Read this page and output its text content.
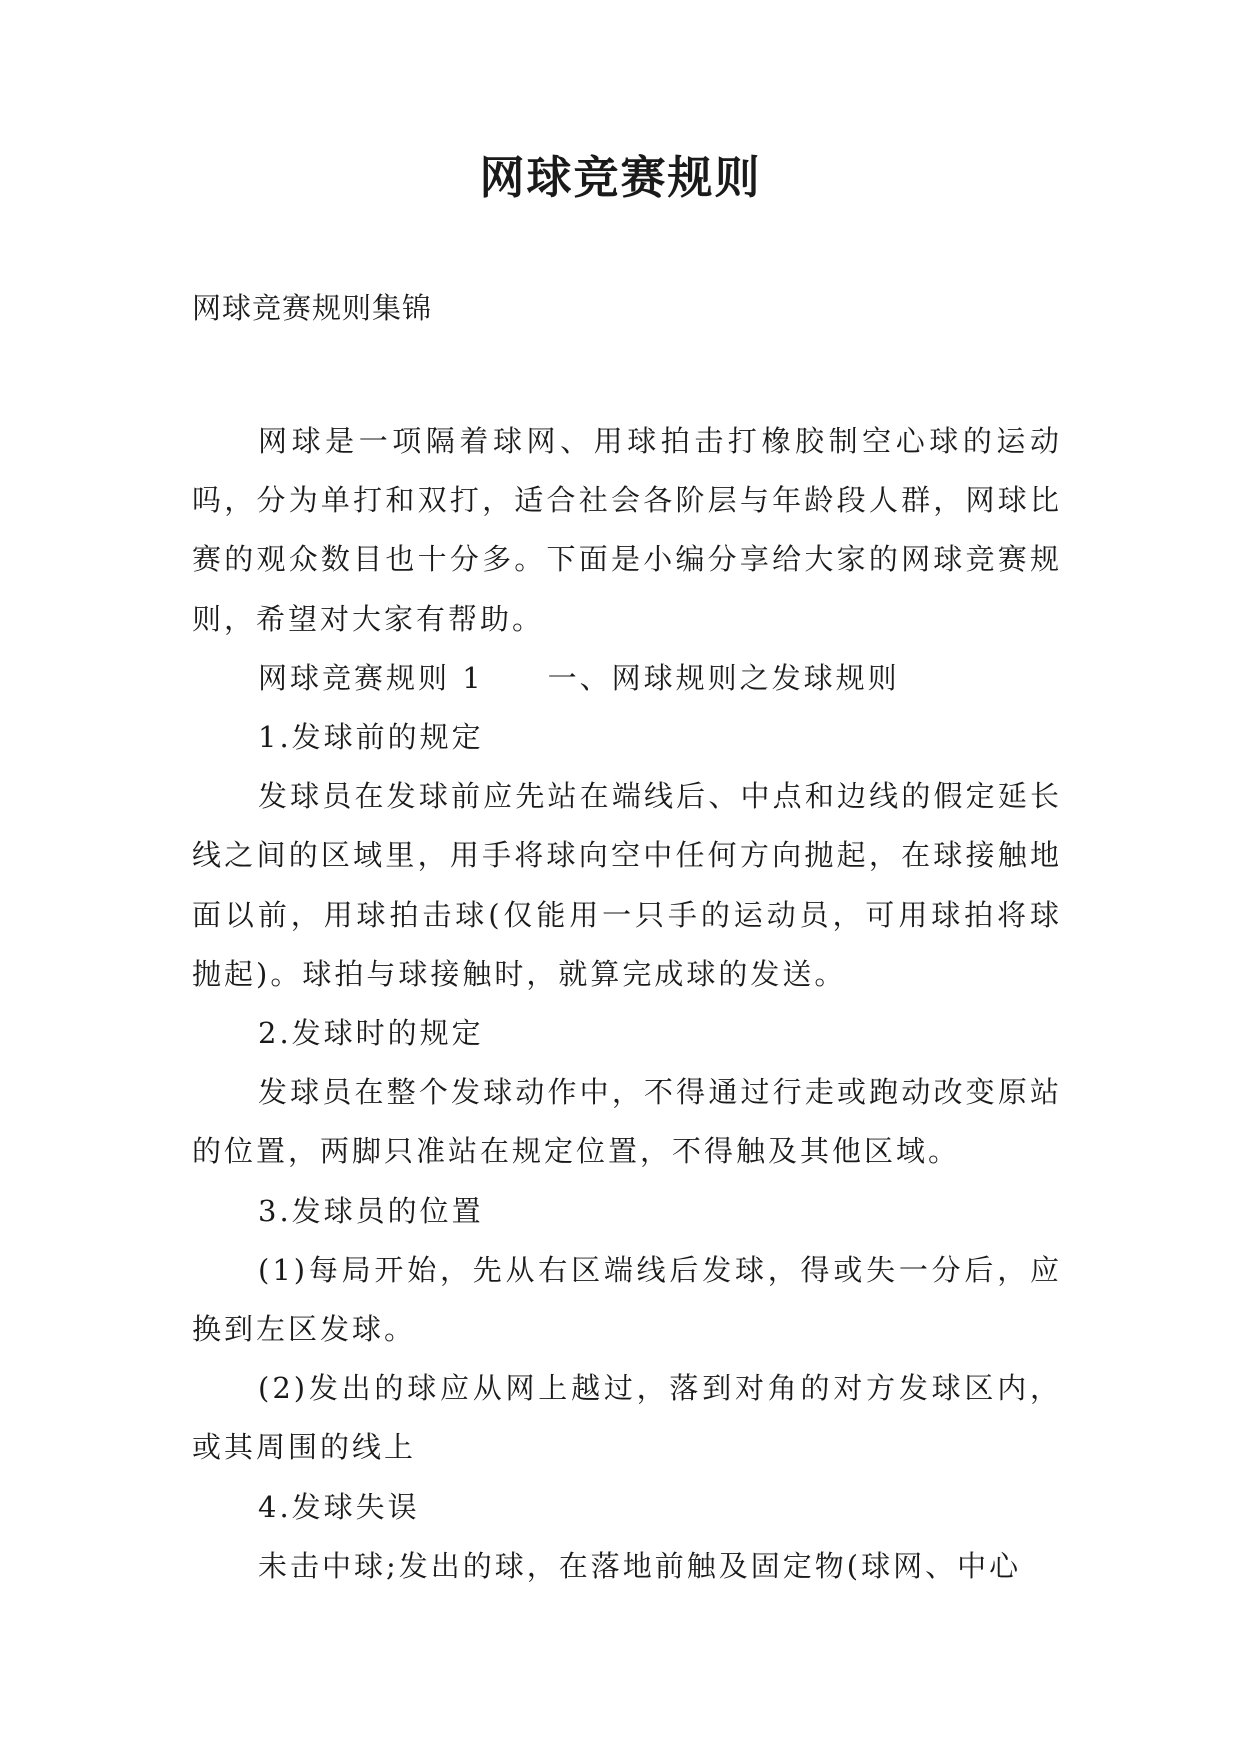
网球竞赛规则

网球竞赛规则集锦

网球是一项隔着球网、用球拍击打橡胶制空心球的运动吗，分为单打和双打，适合社会各阶层与年龄段人群，网球比赛的观众数目也十分多。下面是小编分享给大家的网球竞赛规则，希望对大家有帮助。

网球竞赛规则 1 一、网球规则之发球规则

1.发球前的规定

发球员在发球前应先站在端线后、中点和边线的假定延长线之间的区域里，用手将球向空中任何方向抛起，在球接触地面以前，用球拍击球(仅能用一只手的运动员，可用球拍将球抛起)。球拍与球接触时，就算完成球的发送。

2.发球时的规定

发球员在整个发球动作中，不得通过行走或跑动改变原站的位置，两脚只准站在规定位置，不得触及其他区域。

3.发球员的位置

(1)每局开始，先从右区端线后发球，得或失一分后，应换到左区发球。

(2)发出的球应从网上越过，落到对角的对方发球区内，或其周围的线上

4.发球失误

未击中球;发出的球，在落地前触及固定物(球网、中心
